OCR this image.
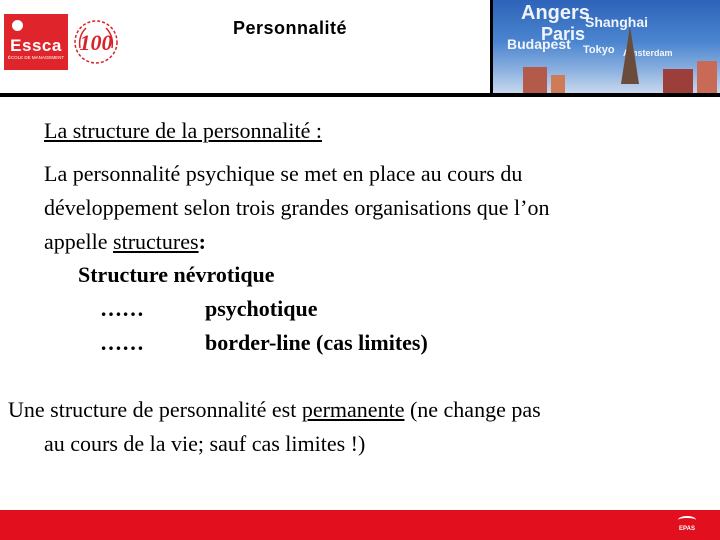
Essca
ÉCOLE DE MANAGEMENT
100
Personnalité
Angers
Shanghai
Paris
Budapest Tokyo Amsterdam
La structure de la personnalité :
La personnalité psychique se met en place au cours du
développement selon trois grandes organisations que l’on
appelle structures:
Structure névrotique
……	psychotique
……	border-line (cas limites)
Une structure de personnalité est permanente (ne change pas
au cours de la vie; sauf cas limites !)
EPAS
